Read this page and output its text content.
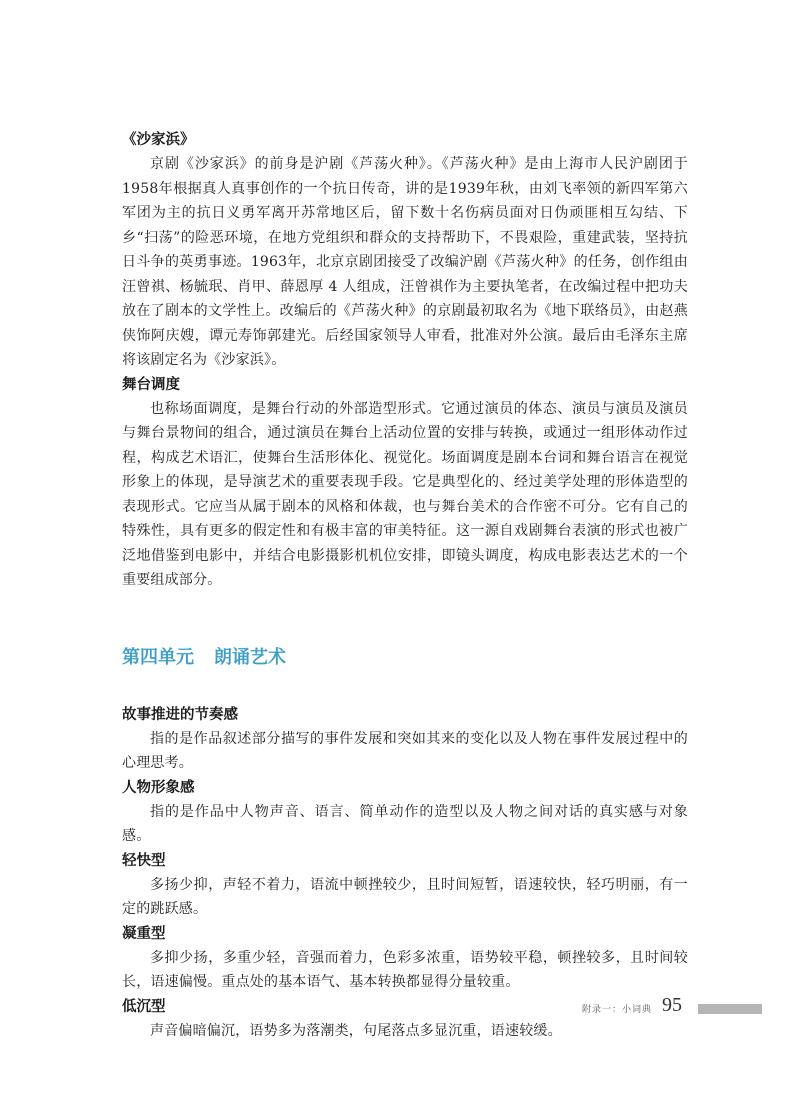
《沙家浜》

京剧《沙家浜》的前身是沪剧《芦荡火种》。《芦荡火种》是由上海市人民沪剧团于1958年根据真人真事创作的一个抗日传奇，讲的是1939年秋，由刘飞率领的新四军第六军团为主的抗日义勇军离开苏常地区后，留下数十名伤病员面对日伪顽匪相互勾结、下乡“扫荡”的险恶环境，在地方党组织和群众的支持帮助下，不畏艰险，重建武装，坚持抗日斗争的英勇事迹。1963年，北京京剧团接受了改编沪剧《芦荡火种》的任务，创作组由汪曾祺、杨毓珉、肖甲、薛恩厚 4 人组成，汪曾祺作为主要执笔者，在改编过程中把功夫放在了剧本的文学性上。改编后的《芦荡火种》的京剧最初取名为《地下联络员》，由赵燕侠饰阿庆嫂，谭元寿饰郭建光。后经国家领导人审看，批准对外公演。最后由毛泽东主席将该剧定名为《沙家浜》。

舞台调度

也称场面调度，是舞台行动的外部造型形式。它通过演员的体态、演员与演员及演员与舞台景物间的组合，通过演员在舞台上活动位置的安排与转换，或通过一组形体动作过程，构成艺术语汇，使舞台生活形体化、视觉化。场面调度是剧本台词和舞台语言在视觉形象上的体现，是导演艺术的重要表现手段。它是典型化的、经过美学处理的形体造型的表现形式。它应当从属于剧本的风格和体裁，也与舞台美术的合作密不可分。它有自己的特殊性，具有更多的假定性和有极丰富的审美特征。这一源自戏剧舞台表演的形式也被广泛地借鉴到电影中，并结合电影摄影机机位安排，即镜头调度，构成电影表达艺术的一个重要组成部分。

第四单元 朗诵艺术
故事推进的节奏感

指的是作品叙述部分描写的事件发展和突如其来的变化以及人物在事件发展过程中的心理思考。

人物形象感

指的是作品中人物声音、语言、简单动作的造型以及人物之间对话的真实感与对象感。

轻快型

多扬少抑，声轻不着力，语流中顿挫较少，且时间短暂，语速较快，轻巧明丽，有一定的跳跃感。

凝重型

多抑少扬，多重少轻，音强而着力，色彩多浓重，语势较平稳，顿挫较多，且时间较长，语速偏慢。重点处的基本语气、基本转换都显得分量较重。

低沉型

声音偏暗偏沉，语势多为落潮类，句尾落点多显沉重，语速较缓。

附录一：小词典 95
